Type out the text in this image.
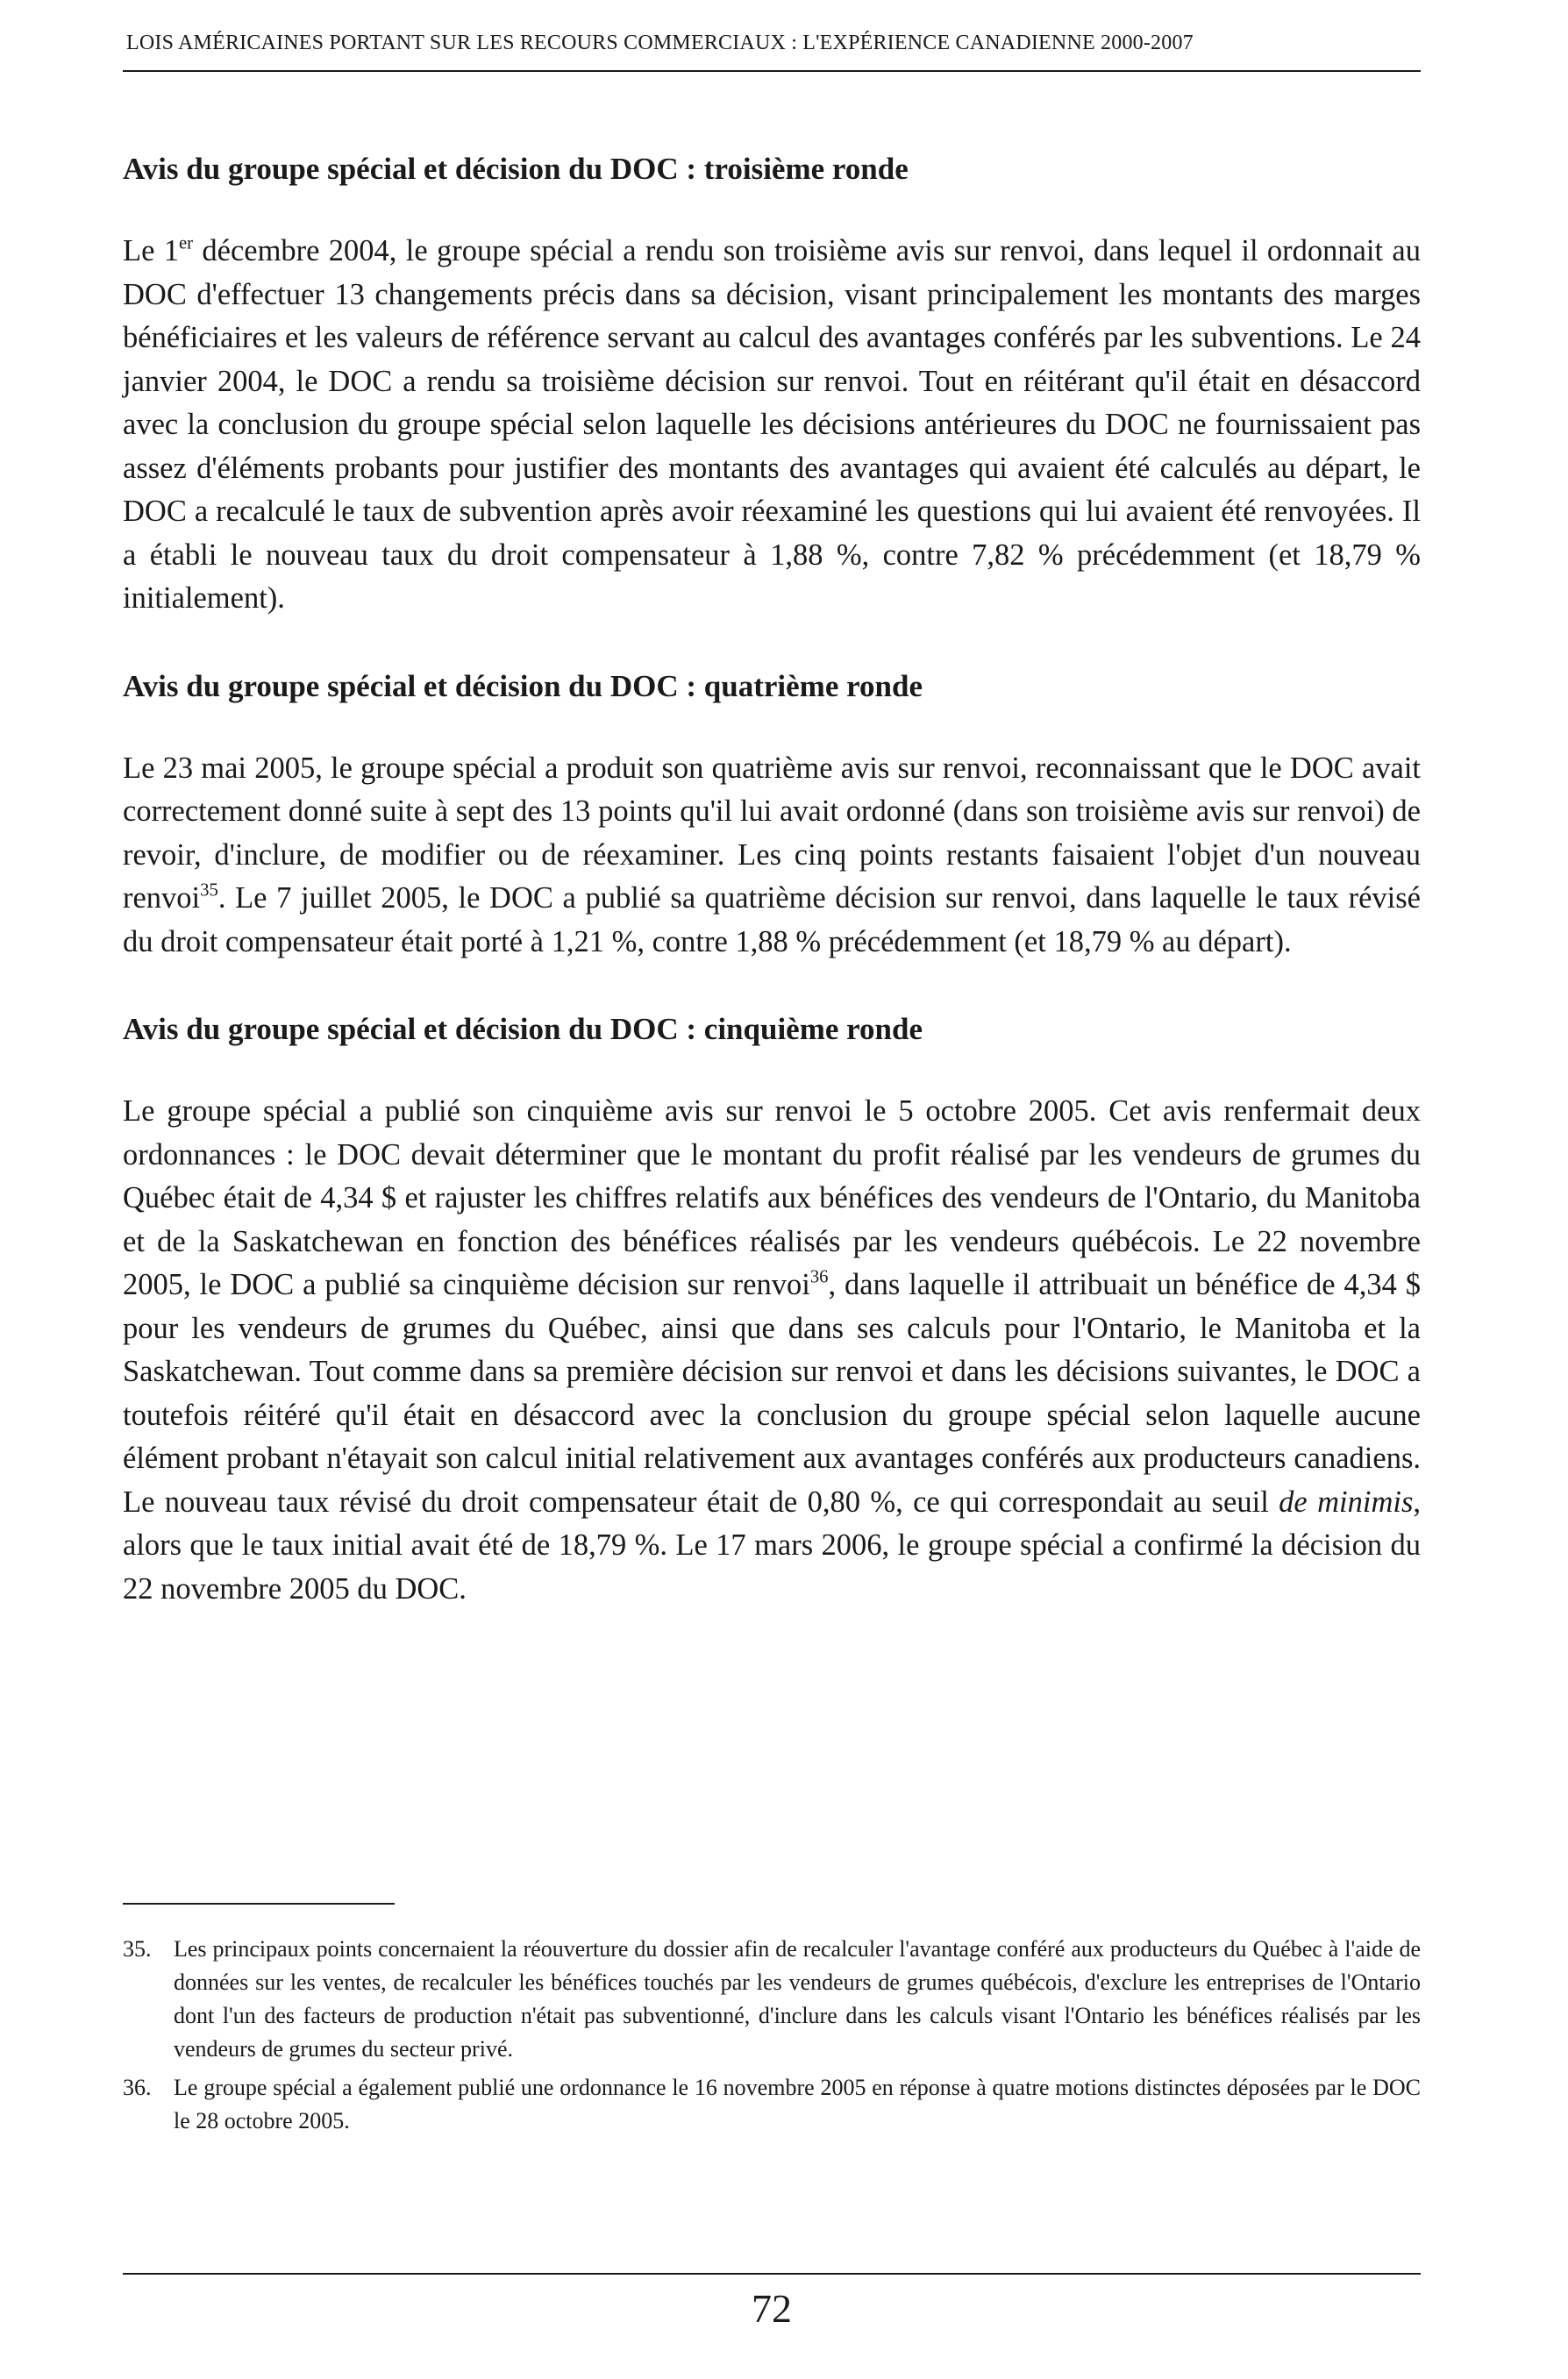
LOIS AMÉRICAINES PORTANT SUR LES RECOURS COMMERCIAUX : L'EXPÉRIENCE CANADIENNE 2000-2007
Avis du groupe spécial et décision du DOC : troisième ronde

Le 1er décembre 2004, le groupe spécial a rendu son troisième avis sur renvoi, dans lequel il ordonnait au DOC d'effectuer 13 changements précis dans sa décision, visant principalement les montants des marges bénéficiaires et les valeurs de référence servant au calcul des avantages conférés par les subventions. Le 24 janvier 2004, le DOC a rendu sa troisième décision sur renvoi. Tout en réitérant qu'il était en désaccord avec la conclusion du groupe spécial selon laquelle les décisions antérieures du DOC ne fournissaient pas assez d'éléments probants pour justifier des montants des avantages qui avaient été calculés au départ, le DOC a recalculé le taux de subvention après avoir réexaminé les questions qui lui avaient été renvoyées. Il a établi le nouveau taux du droit compensateur à 1,88 %, contre 7,82 % précédemment (et 18,79 % initialement).

Avis du groupe spécial et décision du DOC : quatrième ronde

Le 23 mai 2005, le groupe spécial a produit son quatrième avis sur renvoi, reconnaissant que le DOC avait correctement donné suite à sept des 13 points qu'il lui avait ordonné (dans son troisième avis sur renvoi) de revoir, d'inclure, de modifier ou de réexaminer. Les cinq points restants faisaient l'objet d'un nouveau renvoi$^{35}$. Le 7 juillet 2005, le DOC a publié sa quatrième décision sur renvoi, dans laquelle le taux révisé du droit compensateur était porté à 1,21 %, contre 1,88 % précédemment (et 18,79 % au départ).

Avis du groupe spécial et décision du DOC : cinquième ronde

Le groupe spécial a publié son cinquième avis sur renvoi le 5 octobre 2005. Cet avis renfermait deux ordonnances : le DOC devait déterminer que le montant du profit réalisé par les vendeurs de grumes du Québec était de 4,34 $ et rajuster les chiffres relatifs aux bénéfices des vendeurs de l'Ontario, du Manitoba et de la Saskatchewan en fonction des bénéfices réalisés par les vendeurs québécois. Le 22 novembre 2005, le DOC a publié sa cinquième décision sur renvoi$^{36}$, dans laquelle il attribuait un bénéfice de 4,34 $ pour les vendeurs de grumes du Québec, ainsi que dans ses calculs pour l'Ontario, le Manitoba et la Saskatchewan. Tout comme dans sa première décision sur renvoi et dans les décisions suivantes, le DOC a toutefois réitéré qu'il était en désaccord avec la conclusion du groupe spécial selon laquelle aucune élément probant n'étayait son calcul initial relativement aux avantages conférés aux producteurs canadiens. Le nouveau taux révisé du droit compensateur était de 0,80 %, ce qui correspondait au seuil de minimis, alors que le taux initial avait été de 18,79 %. Le 17 mars 2006, le groupe spécial a confirmé la décision du 22 novembre 2005 du DOC.

35. Les principaux points concernaient la réouverture du dossier afin de recalculer l'avantage conféré aux producteurs du Québec à l'aide de données sur les ventes, de recalculer les bénéfices touchés par les vendeurs de grumes québécois, d'exclure les entreprises de l'Ontario dont l'un des facteurs de production n'était pas subventionné, d'inclure dans les calculs visant l'Ontario les bénéfices réalisés par les vendeurs de grumes du secteur privé.
36. Le groupe spécial a également publié une ordonnance le 16 novembre 2005 en réponse à quatre motions distinctes déposées par le DOC le 28 octobre 2005.
72
